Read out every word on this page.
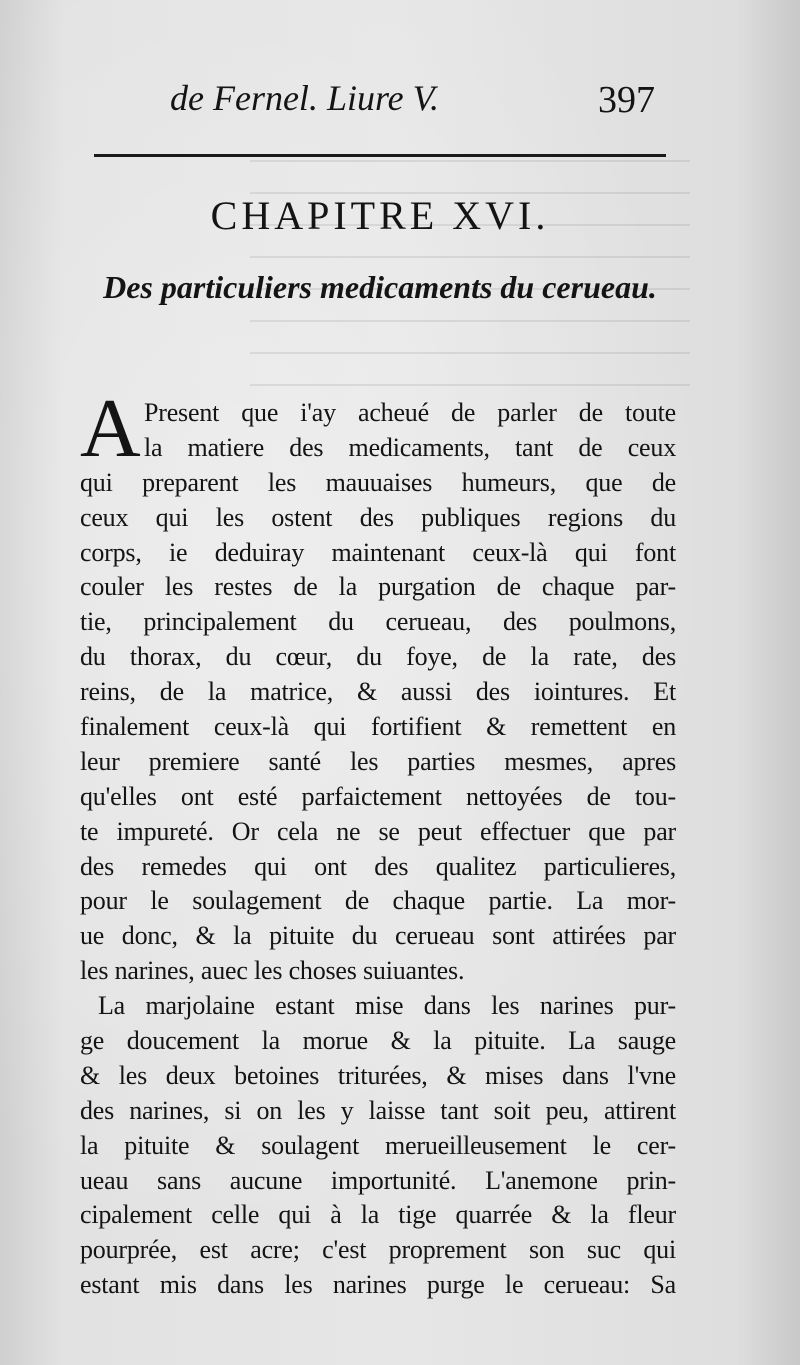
de Fernel. Liure V.	397
CHAPITRE XVI.
Des particuliers medicaments du cerueau.
A Present que i'ay acheué de parler de toute
la matiere des medicaments, tant de ceux
qui preparent les mauuaises humeurs, que de
ceux qui les ostent des publiques regions du
corps, ie deduiray maintenant ceux-là qui font
couler les restes de la purgation de chaque par-
tie, principalement du cerueau, des poulmons,
du thorax, du cœur, du foye, de la rate, des
reins, de la matrice, & aussi des iointures. Et
finalement ceux-là qui fortifient & remettent en
leur premiere santé les parties mesmes, apres
qu'elles ont esté parfaictement nettoyées de tou-
te impureté. Or cela ne se peut effectuer que par
des remedes qui ont des qualitez particulieres,
pour le soulagement de chaque partie. La mor-
ue donc, & la pituite du cerueau sont attirées par
les narines, auec les choses suiuantes.
La marjolaine estant mise dans les narines pur-
ge doucement la morue & la pituite. La sauge
& les deux betoines triturées, & mises dans l'vne
des narines, si on les y laisse tant soit peu, attirent
la pituite & soulagent merueilleusement le cer-
ueau sans aucune importunité. L'anemone prin-
cipalement celle qui à la tige quarrée & la fleur
pourprée, est acre; c'est proprement son suc qui
estant mis dans les narines purge le cerueau: Sa
